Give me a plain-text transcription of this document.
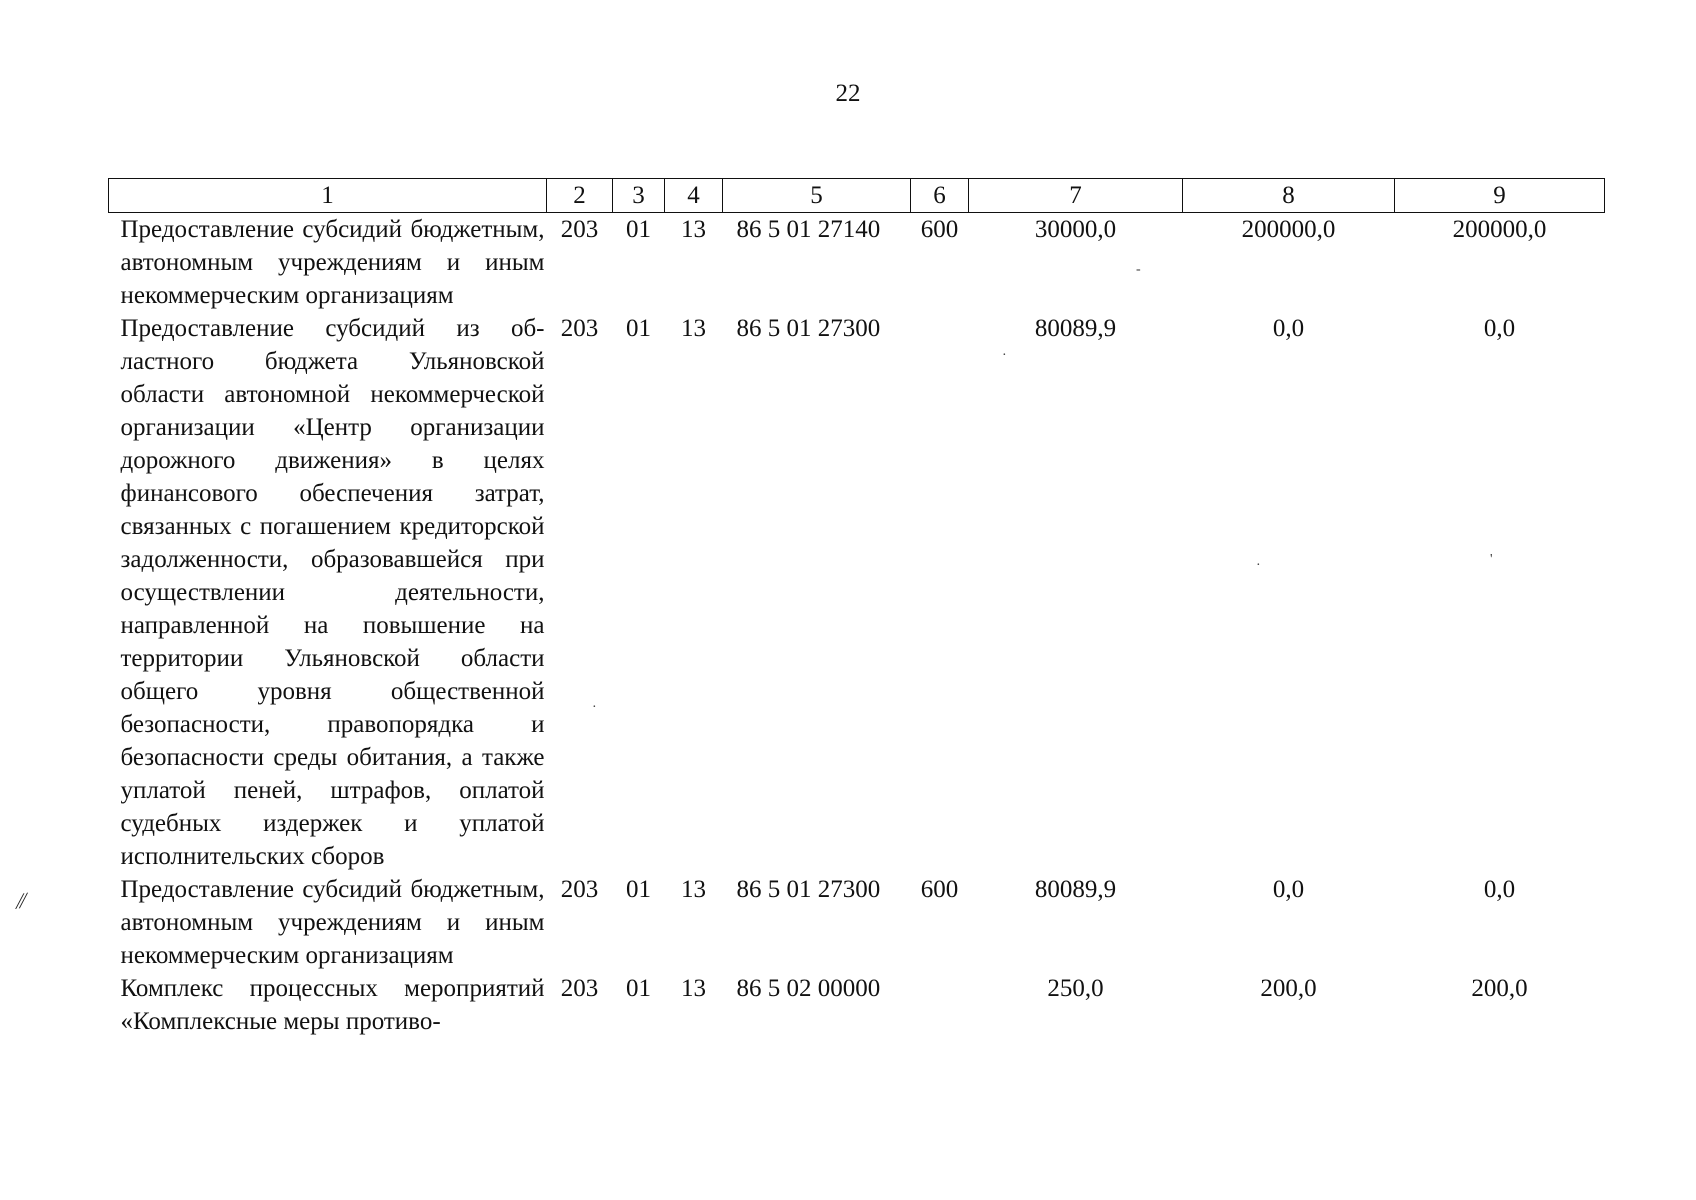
22
1	2	3	4	5	6	7	8	9
Предоставление субсидий бюджетным, автономным учреждениям и иным некоммерческим организациям	203	01	13	86 5 01 27140	600	30000,0	200000,0	200000,0
Предоставление субсидий из областного бюджета Ульяновской области автономной некоммерческой организации «Центр организации дорожного движения» в целях финансового обеспечения затрат, связанных с погашением кредиторской задолженности, образовавшейся при осуществлении деятельности, направленной на повышение на территории Ульяновской области общего уровня общественной безопасности, правопорядка и безопасности среды обитания, а также уплатой пеней, штрафов, оплатой судебных издержек и уплатой исполнительских сборов	203	01	13	86 5 01 27300		80089,9	0,0	0,0
Предоставление субсидий бюджетным, автономным учреждениям и иным некоммерческим организациям	203	01	13	86 5 01 27300	600	80089,9	0,0	0,0
Комплекс процессных мероприятий «Комплексные меры противо-	203	01	13	86 5 02 00000		250,0	200,0	200,0
-
·
·	'
·
⁄⁄
